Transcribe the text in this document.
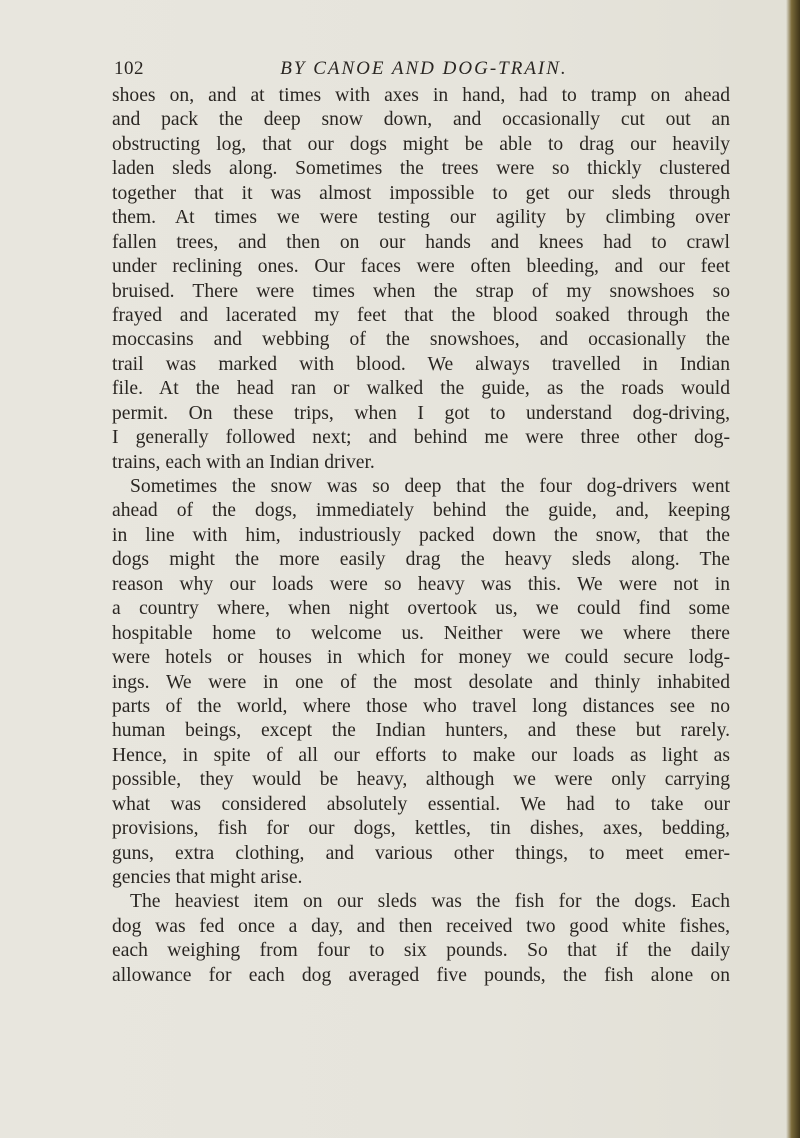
102	BY CANOE AND DOG-TRAIN.
shoes on, and at times with axes in hand, had to tramp on ahead
and pack the deep snow down, and occasionally cut out an
obstructing log, that our dogs might be able to drag our heavily
laden sleds along. Sometimes the trees were so thickly clustered
together that it was almost impossible to get our sleds through
them. At times we were testing our agility by climbing over
fallen trees, and then on our hands and knees had to crawl
under reclining ones. Our faces were often bleeding, and our feet
bruised. There were times when the strap of my snowshoes so
frayed and lacerated my feet that the blood soaked through the
moccasins and webbing of the snowshoes, and occasionally the
trail was marked with blood. We always travelled in Indian
file. At the head ran or walked the guide, as the roads would
permit. On these trips, when I got to understand dog-driving,
I generally followed next; and behind me were three other dog-
trains, each with an Indian driver.
Sometimes the snow was so deep that the four dog-drivers went
ahead of the dogs, immediately behind the guide, and, keeping
in line with him, industriously packed down the snow, that the
dogs might the more easily drag the heavy sleds along. The
reason why our loads were so heavy was this. We were not in
a country where, when night overtook us, we could find some
hospitable home to welcome us. Neither were we where there
were hotels or houses in which for money we could secure lodg-
ings. We were in one of the most desolate and thinly inhabited
parts of the world, where those who travel long distances see no
human beings, except the Indian hunters, and these but rarely.
Hence, in spite of all our efforts to make our loads as light as
possible, they would be heavy, although we were only carrying
what was considered absolutely essential. We had to take our
provisions, fish for our dogs, kettles, tin dishes, axes, bedding,
guns, extra clothing, and various other things, to meet emer-
gencies that might arise.
The heaviest item on our sleds was the fish for the dogs. Each
dog was fed once a day, and then received two good white fishes,
each weighing from four to six pounds. So that if the daily
allowance for each dog averaged five pounds, the fish alone on
